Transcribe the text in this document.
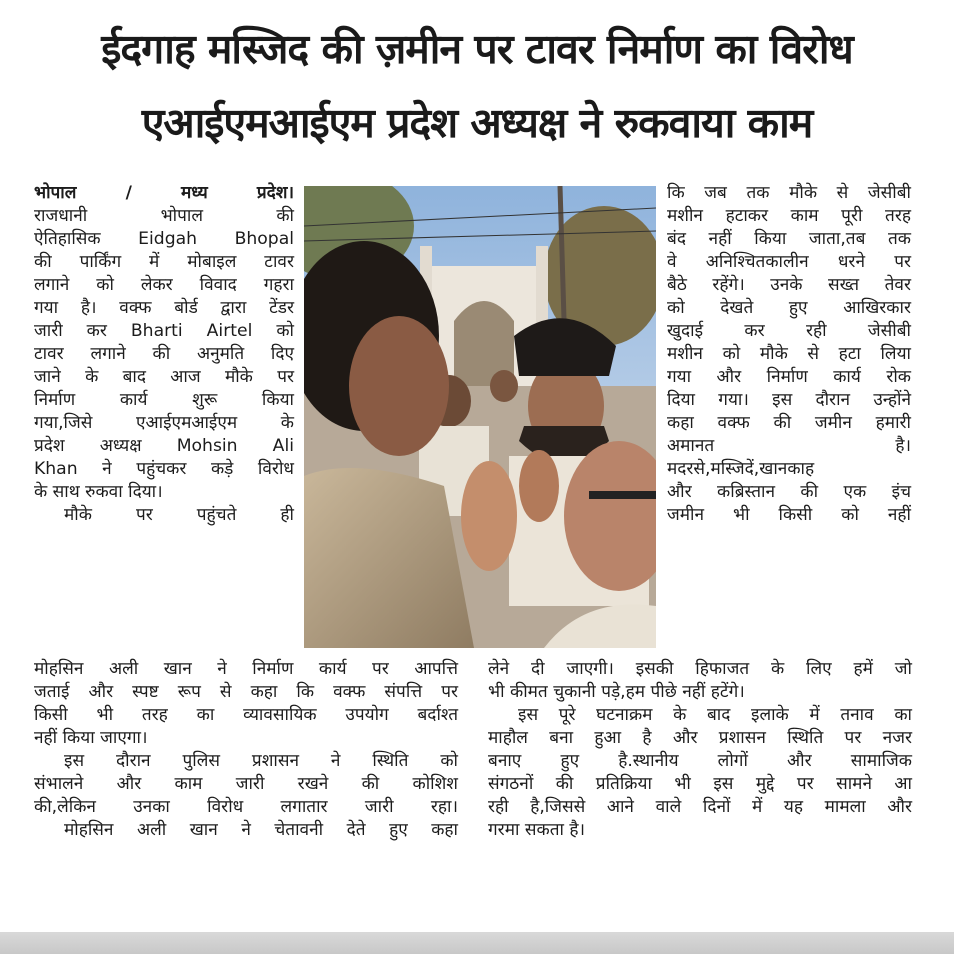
ईदगाह मस्जिद की ज़मीन पर टावर निर्माण का विरोध
एआईएमआईएम प्रदेश अध्यक्ष ने रुकवाया काम

भोपाल / मध्य प्रदेश।

राजधानी भोपाल की

ऐतिहासिक Eidgah Bhopal

की पार्किंग में मोबाइल टावर

लगाने को लेकर विवाद गहरा

गया है। वक्फ बोर्ड द्वारा टेंडर

जारी कर Bharti Airtel को

टावर लगाने की अनुमति दिए

जाने के बाद आज मौके पर

निर्माण कार्य शुरू किया

गया,जिसे एआईएमआईएम के

प्रदेश अध्यक्ष Mohsin Ali

Khan ने पहुंचकर कड़े विरोध

के साथ रुकवा दिया।

मौके पर पहुंचते ही

कि जब तक मौके से जेसीबी

मशीन हटाकर काम पूरी तरह

बंद नहीं किया जाता,तब तक

वे अनिश्चितकालीन धरने पर

बैठे रहेंगे। उनके सख्त तेवर

को देखते हुए आखिरकार

खुदाई कर रही जेसीबी

मशीन को मौके से हटा लिया

गया और निर्माण कार्य रोक

दिया गया। इस दौरान उन्होंने

कहा वक्फ की जमीन हमारी

अमानत है।

मदरसे,मस्जिदें,खानकाह

और कब्रिस्तान की एक इंच

जमीन भी किसी को नहीं

मोहसिन अली खान ने निर्माण कार्य पर आपत्ति

जताई और स्पष्ट रूप से कहा कि वक्फ संपत्ति पर

किसी भी तरह का व्यावसायिक उपयोग बर्दाश्त

नहीं किया जाएगा।

इस दौरान पुलिस प्रशासन ने स्थिति को

संभालने और काम जारी रखने की कोशिश

की,लेकिन उनका विरोध लगातार जारी रहा।

मोहसिन अली खान ने चेतावनी देते हुए कहा

लेने दी जाएगी। इसकी हिफाजत के लिए हमें जो

भी कीमत चुकानी पड़े,हम पीछे नहीं हटेंगे।

इस पूरे घटनाक्रम के बाद इलाके में तनाव का

माहौल बना हुआ है और प्रशासन स्थिति पर नजर

बनाए हुए है.स्थानीय लोगों और सामाजिक

संगठनों की प्रतिक्रिया भी इस मुद्दे पर सामने आ

रही है,जिससे आने वाले दिनों में यह मामला और

गरमा सकता है।
